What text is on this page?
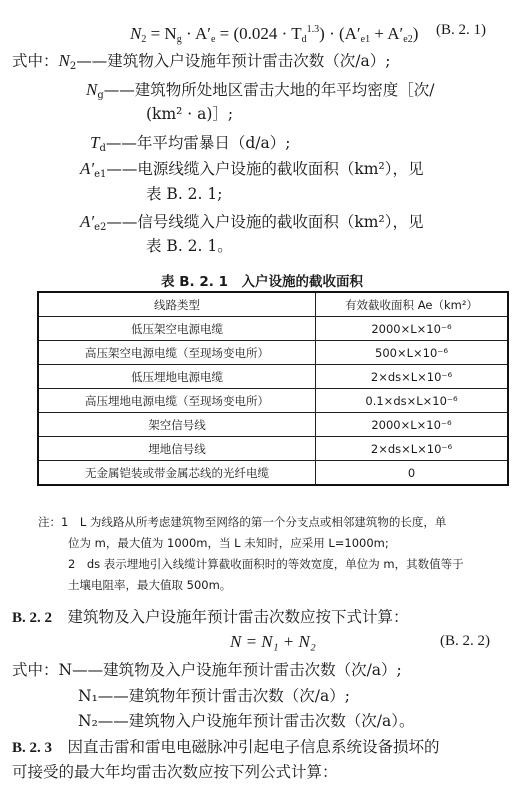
$N_2 = N_g \cdot A'_e = (0.024 \cdot T_d^{1.3}) \cdot (A'_{e1} + A'_{e2})$ (B. 2. 1)
式中：$N_2——$建筑物入户设施年预计雷击次数（次/a）;
$N_g——$建筑物所处地区雷击大地的年平均密度［次/
(km² · a)］;
$T_d——$年平均雷暴日（d/a）;
$A'_{e1}——$电源线缆入户设施的截收面积（km²），见
表 B. 2. 1;
$A'_{e2}——$信号线缆入户设施的截收面积（km²），见
表 B. 2. 1。
表 B. 2. 1　入户设施的截收面积
线路类型	有效截收面积 Ae（km²）
低压架空电源电缆	2000×L×10⁻⁶
高压架空电源电缆（至现场变电所）	500×L×10⁻⁶
低压埋地电源电缆	2×ds×L×10⁻⁶
高压埋地电源电缆（至现场变电所）	0.1×ds×L×10⁻⁶
架空信号线	2000×L×10⁻⁶
埋地信号线	2×ds×L×10⁻⁶
无金属铠装或带金属芯线的光纤电缆	0
注：1　L 为线路从所考虑建筑物至网络的第一个分支点或相邻建筑物的长度，单
位为 m，最大值为 1000m，当 L 未知时，应采用 L=1000m;
2　ds 表示埋地引入线缆计算截收面积时的等效宽度，单位为 m，其数值等于
土壤电阻率，最大值取 500m。
B. 2. 2　 建筑物及入户设施年预计雷击次数应按下式计算：
N = N₁ + N₂	(B. 2. 2)
式中：N——建筑物及入户设施年预计雷击次数（次/a）;
N₁——建筑物年预计雷击次数（次/a）;
N₂——建筑物入户设施年预计雷击次数（次/a）。
B. 2. 3　 因直击雷和雷电电磁脉冲引起电子信息系统设备损坏的
可接受的最大年均雷击次数应按下列公式计算：
